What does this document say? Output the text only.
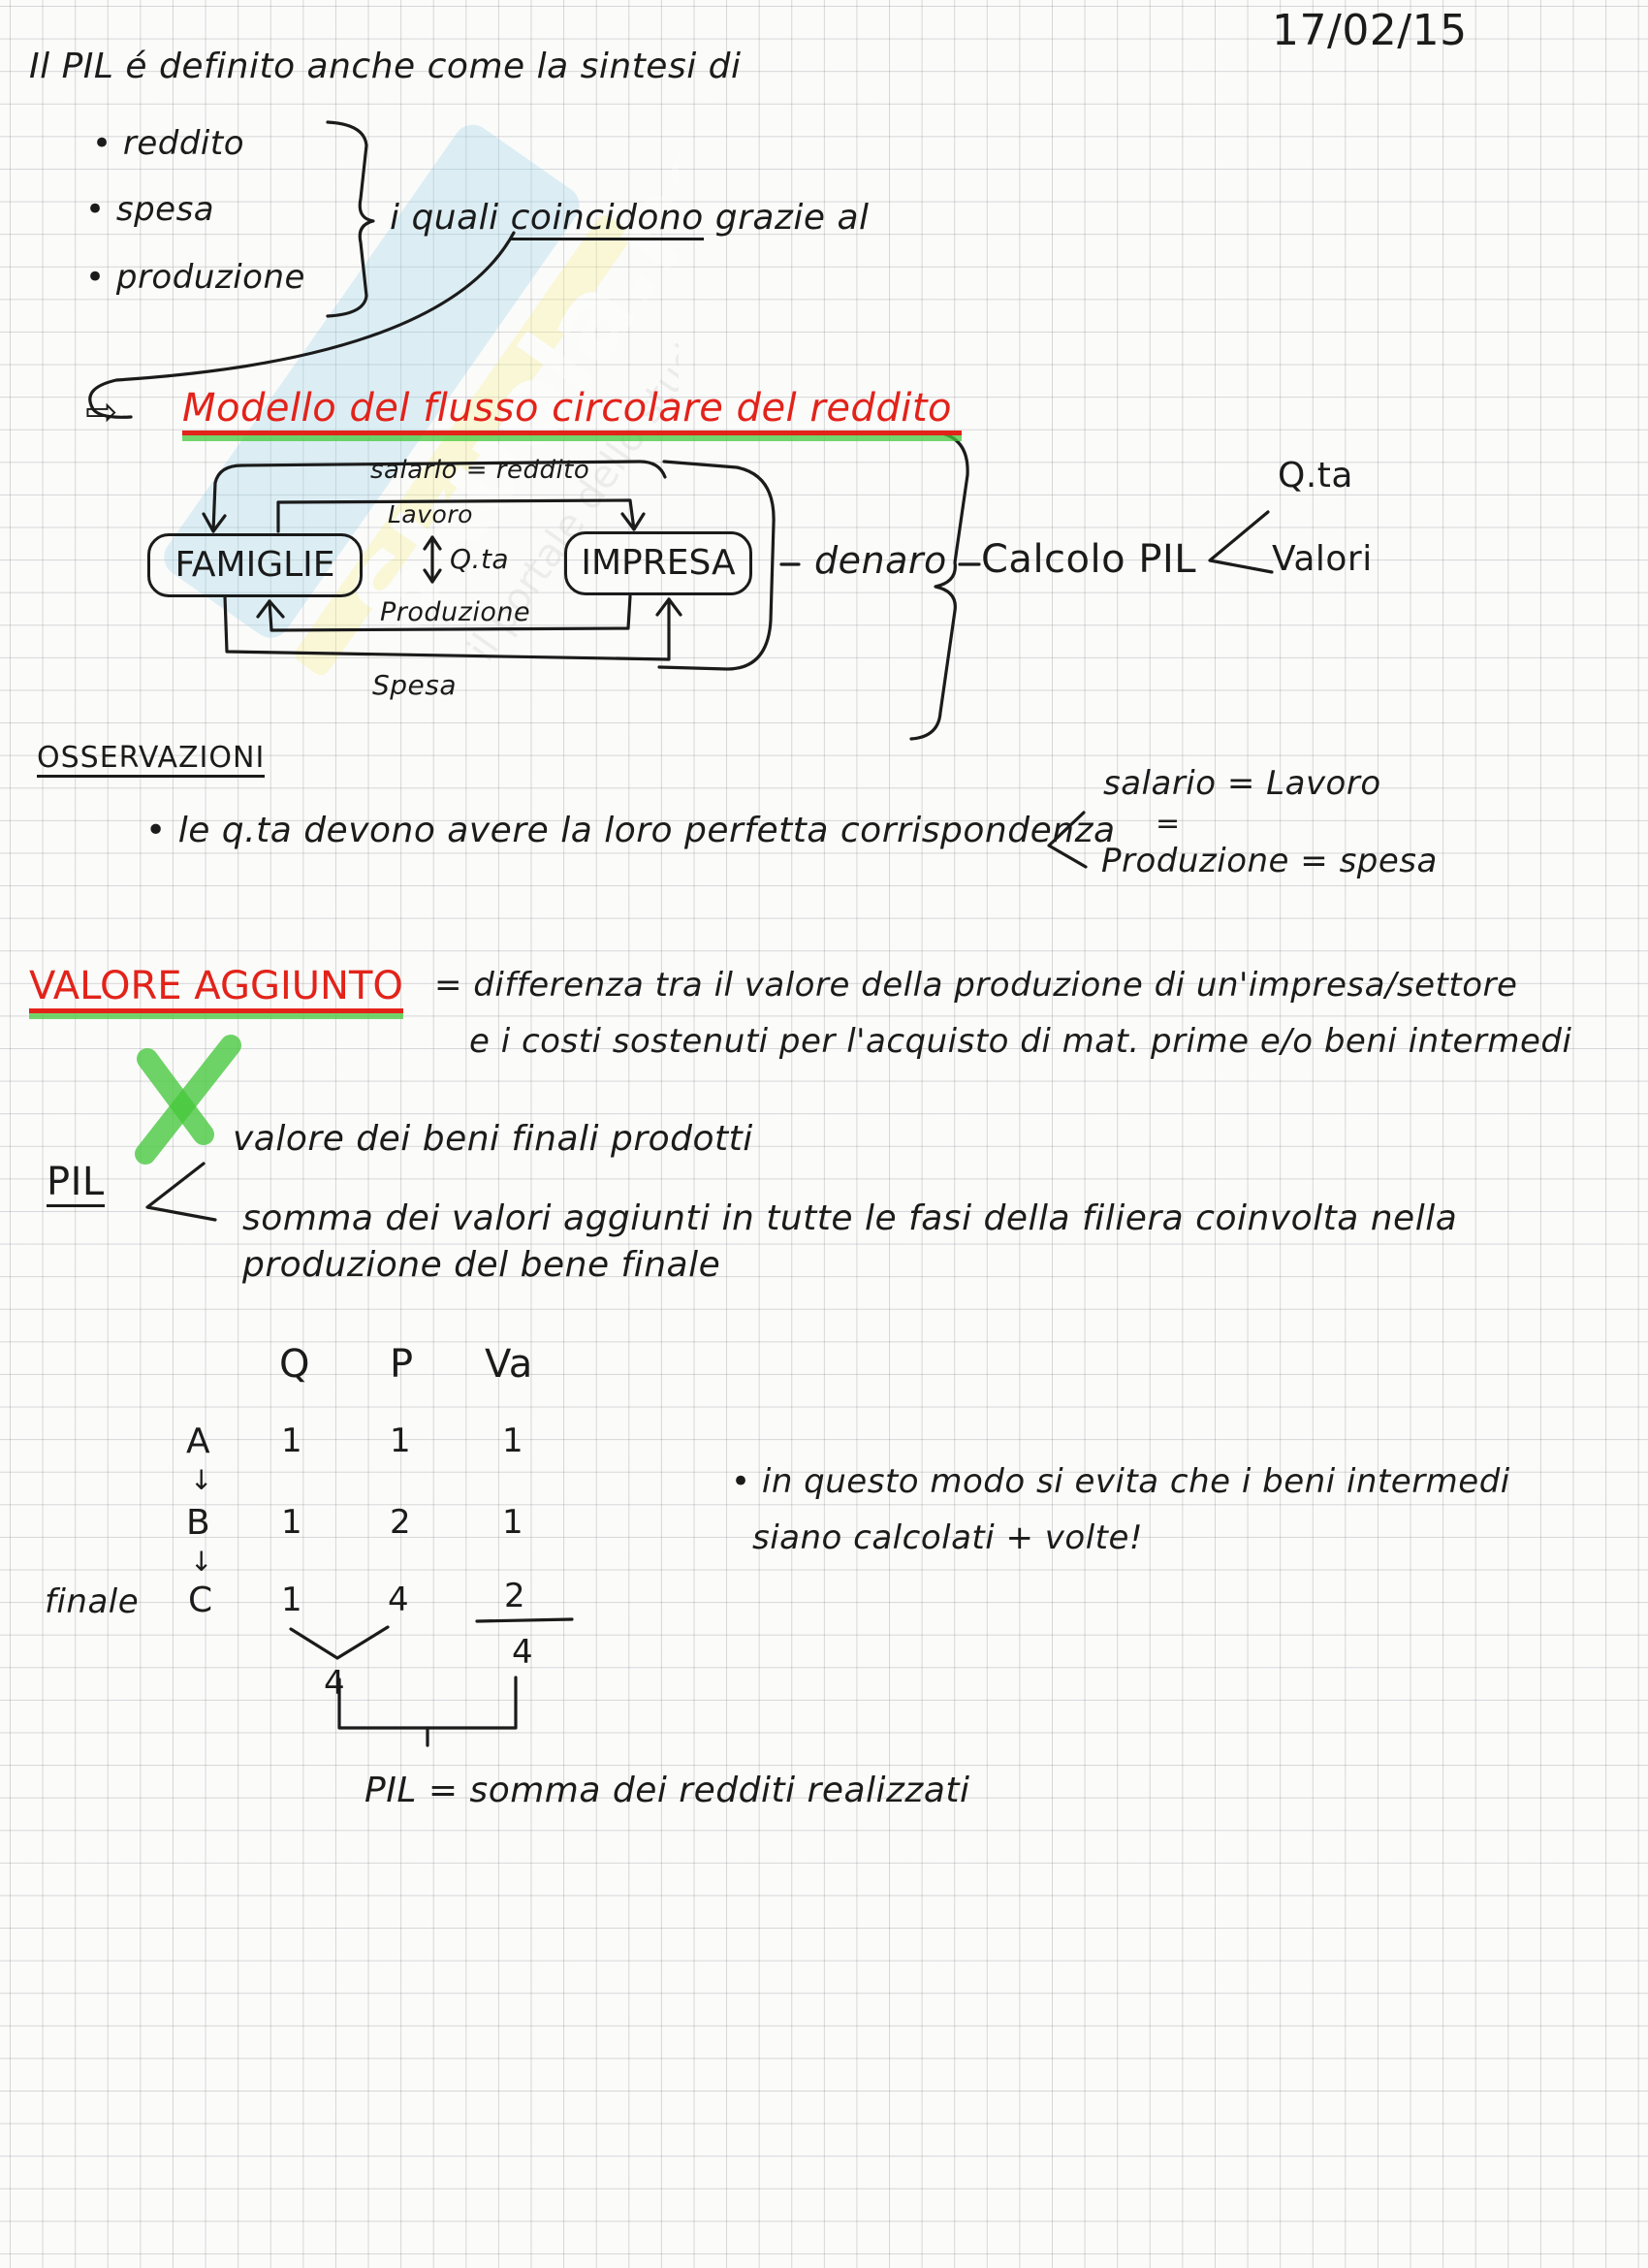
Skuola.net
il portale dello studente
17/02/15
Il PIL é definito anche come la sintesi di
• reddito
• spesa
• produzione
i quali coincidono grazie al
⇨ Modello del flusso circolare del reddito
salario = reddito
Lavoro
Q.ta
Produzione
Spesa
FAMIGLIE	IMPRESA	denaro Calcolo PIL
Q.ta
Valori
OSSERVAZIONI
• le q.ta devono avere la loro perfetta corrispondenza
salario = Lavoro
=
Produzione = spesa
VALORE AGGIUNTO = differenza tra il valore della produzione di un'impresa/settore
e i costi sostenuti per l'acquisto di mat. prime e/o beni intermedi
PIL
valore dei beni finali prodotti
somma dei valori aggiunti in tutte le fasi della filiera coinvolta nella
produzione del bene finale
Q P Va
A 1	1	1
↓
B 1	2	1
↓
finale C 1	4	2
4
4
• in questo modo si evita che i beni intermedi
siano calcolati + volte!
PIL = somma dei redditi realizzati
